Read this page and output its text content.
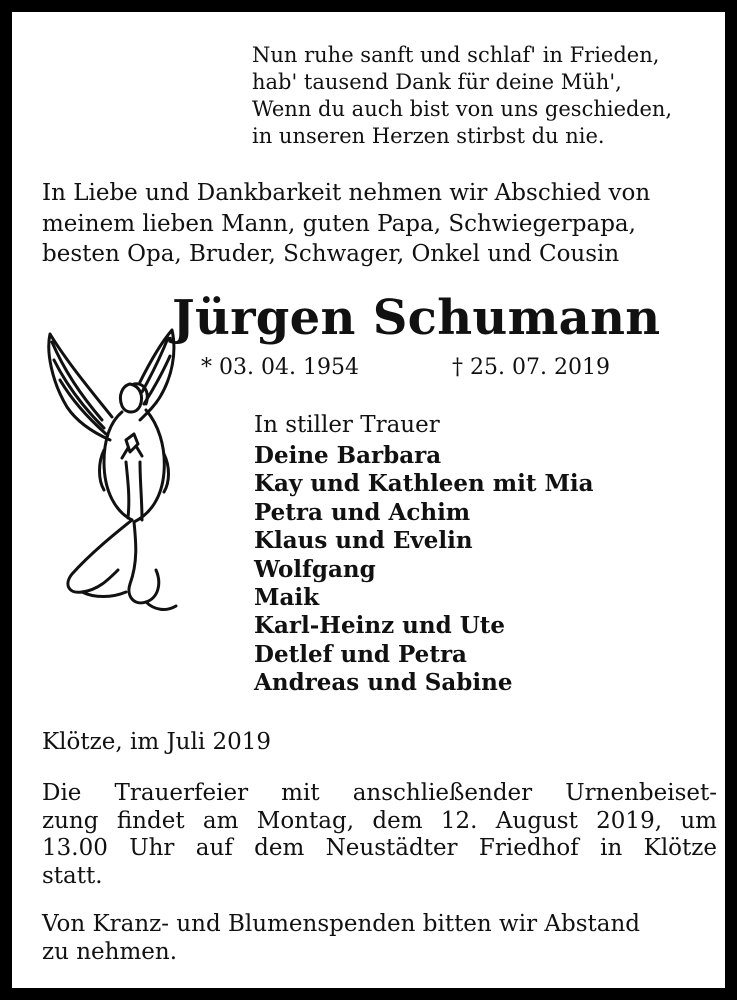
Nun ruhe sanft und schlaf' in Frieden,
hab' tausend Dank für deine Müh',
Wenn du auch bist von uns geschieden,
in unseren Herzen stirbst du nie.
In Liebe und Dankbarkeit nehmen wir Abschied von
meinem lieben Mann, guten Papa, Schwiegerpapa,
besten Opa, Bruder, Schwager, Onkel und Cousin
Jürgen Schumann
* 03. 04. 1954	† 25. 07. 2019
In stiller Trauer
Deine Barbara
Kay und Kathleen mit Mia
Petra und Achim
Klaus und Evelin
Wolfgang
Maik
Karl-Heinz und Ute
Detlef und Petra
Andreas und Sabine
Klötze, im Juli 2019
Die Trauerfeier mit anschließender Urnenbeiset-
zung findet am Montag, dem 12. August 2019, um
13.00 Uhr auf dem Neustädter Friedhof in Klötze
statt.
Von Kranz- und Blumenspenden bitten wir Abstand
zu nehmen.
